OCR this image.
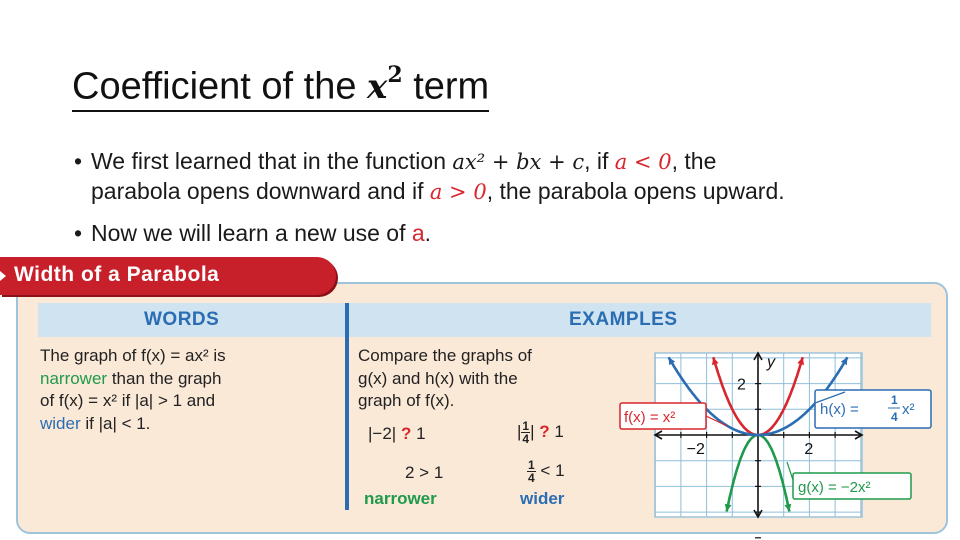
Coefficient of the $x^2$ term
• We first learned that in the function ax² + bx + c, if a < 0, the
parabola opens downward and if a > 0, the parabola opens upward.
• Now we will learn a new use of a.
Width of a Parabola
WORDS	EXAMPLES
The graph of f(x) = ax² is
narrower than the graph
of f(x) = x² if |a| > 1 and
wider if |a| < 1.
Compare the graphs of
g(x) and h(x) with the
graph of f(x).
|−2| ? 1	| $\frac{1}{4}$ | ? 1
2 > 1	$\frac{1}{4} < 1$
narrower	wider
y
2
−2	2
f(x) = x²	h(x) =
1
4 x²
g(x) = −2x²
